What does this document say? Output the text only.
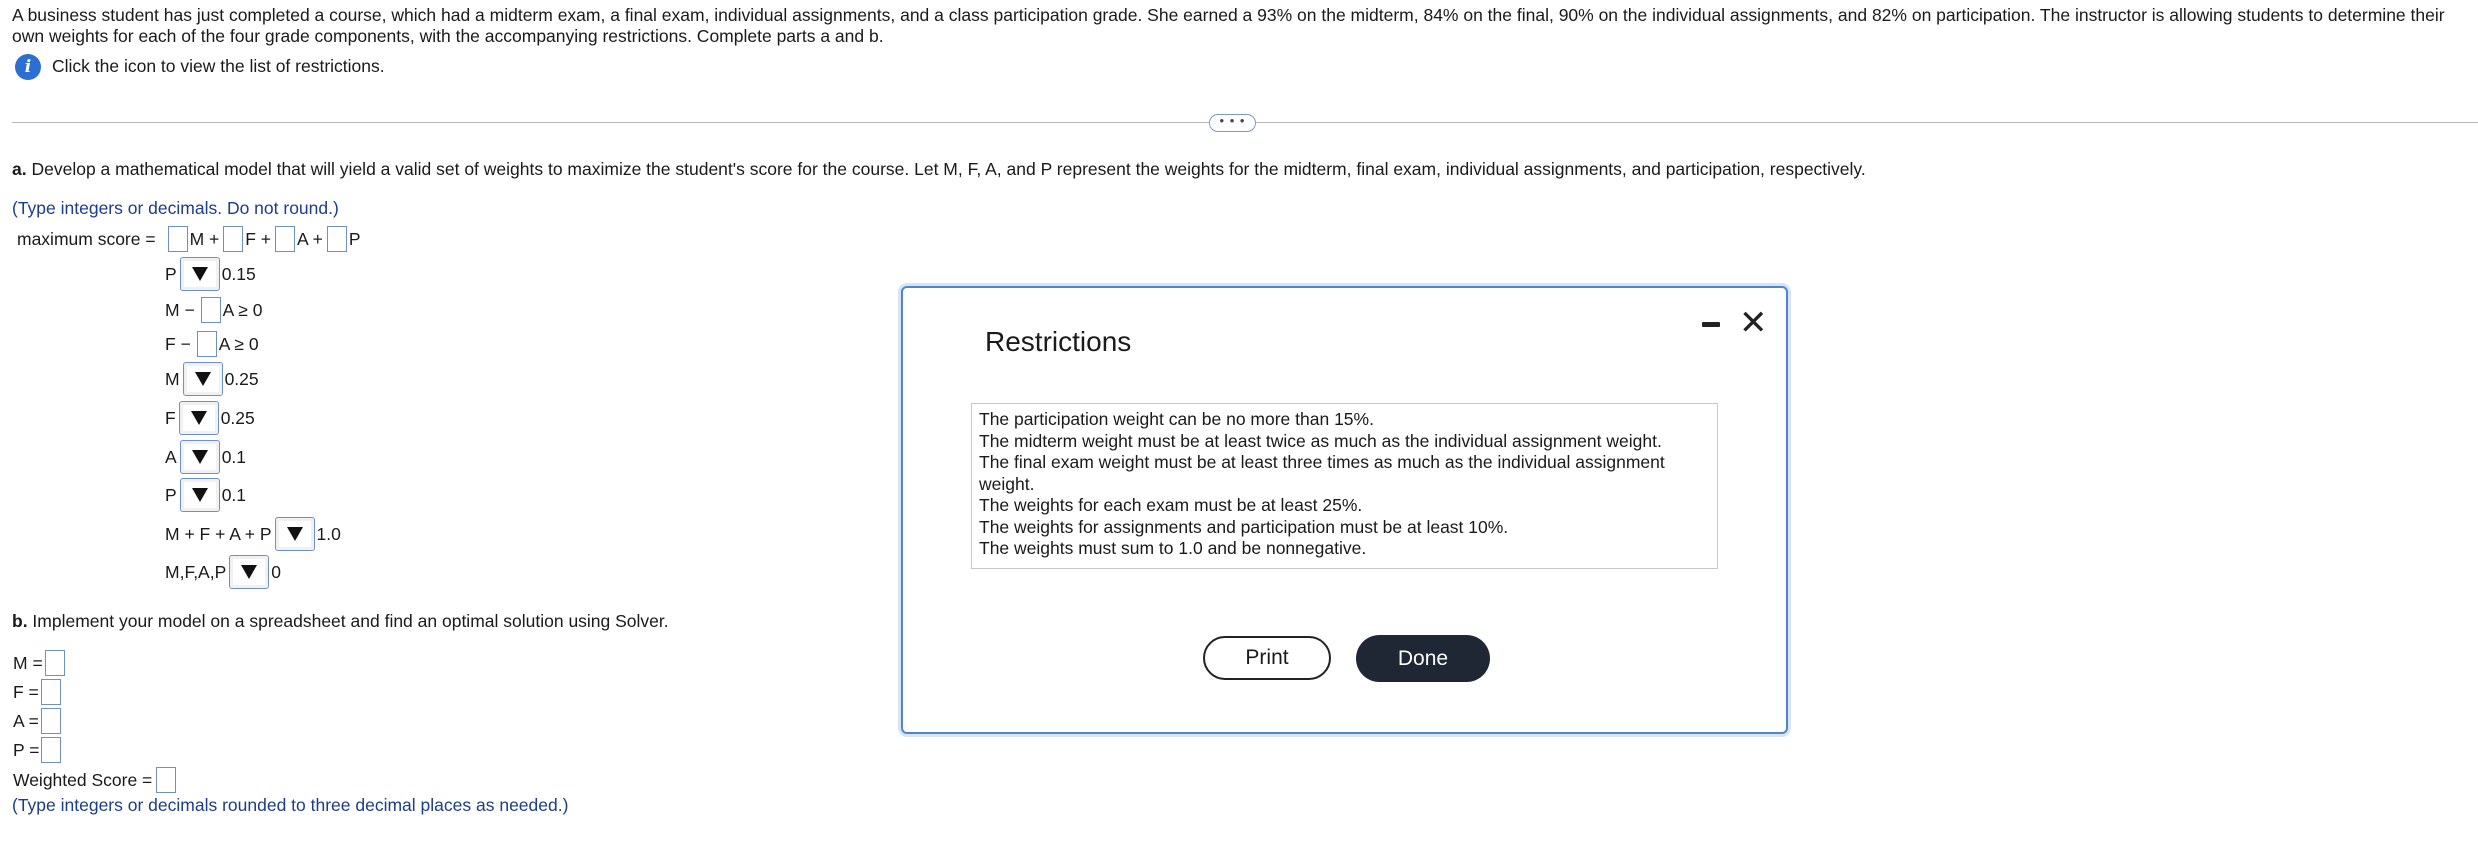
A business student has just completed a course, which had a midterm exam, a final exam, individual assignments, and a class participation grade. She earned a 93% on the midterm, 84% on the final, 90% on the individual assignments, and 82% on participation. The instructor is allowing students to determine their own weights for each of the four grade components, with the accompanying restrictions. Complete parts a and b.
i	Click the icon to view the list of restrictions.
• • •
a. Develop a mathematical model that will yield a valid set of weights to maximize the student's score for the course. Let M, F, A, and P represent the weights for the midterm, final exam, individual assignments, and participation, respectively.
(Type integers or decimals. Do not round.)
maximum score = M + F + A + P
P	0.15
M − A ≥ 0
F − A ≥ 0
M	0.25
F	0.25
A	0.1
P	0.1
M + F + A + P	1.0
M,F,A,P	0
b. Implement your model on a spreadsheet and find an optimal solution using Solver.
M =
F =
A =
P =
Weighted Score =
(Type integers or decimals rounded to three decimal places as needed.)
Restrictions	✕
The participation weight can be no more than 15%.
The midterm weight must be at least twice as much as the individual assignment weight.
The final exam weight must be at least three times as much as the individual assignment weight.
The weights for each exam must be at least 25%.
The weights for assignments and participation must be at least 10%.
The weights must sum to 1.0 and be nonnegative.
Print	Done
